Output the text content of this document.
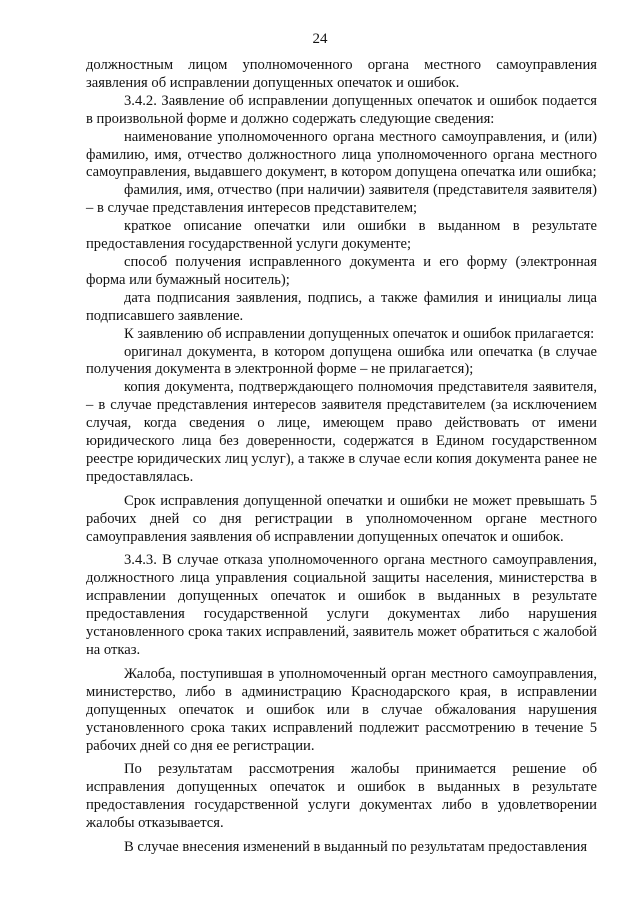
24

должностным лицом уполномоченного органа местного самоуправления заявления об исправлении допущенных опечаток и ошибок.

3.4.2. Заявление об исправлении допущенных опечаток и ошибок подается в произвольной форме и должно содержать следующие сведения:

наименование уполномоченного органа местного самоуправления, и (или) фамилию, имя, отчество должностного лица уполномоченного органа местного самоуправления, выдавшего документ, в котором допущена опечатка или ошибка;

фамилия, имя, отчество (при наличии) заявителя (представителя заявителя) – в случае представления интересов представителем;

краткое описание опечатки или ошибки в выданном в результате предоставления государственной услуги документе;

способ получения исправленного документа и его форму (электронная форма или бумажный носитель);

дата подписания заявления, подпись, а также фамилия и инициалы лица подписавшего заявление.

К заявлению об исправлении допущенных опечаток и ошибок прилагается:

оригинал документа, в котором допущена ошибка или опечатка (в случае получения документа в электронной форме – не прилагается);

копия документа, подтверждающего полномочия представителя заявителя, – в случае представления интересов заявителя представителем (за исключением случая, когда сведения о лице, имеющем право действовать от имени юридического лица без доверенности, содержатся в Едином государственном реестре юридических лиц услуг), а также в случае если копия документа ранее не предоставлялась.

Срок исправления допущенной опечатки и ошибки не может превышать 5 рабочих дней со дня регистрации в уполномоченном органе местного самоуправления заявления об исправлении допущенных опечаток и ошибок.

3.4.3. В случае отказа уполномоченного органа местного самоуправления, должностного лица управления социальной защиты населения, министерства в исправлении допущенных опечаток и ошибок в выданных в результате предоставления государственной услуги документах либо нарушения установленного срока таких исправлений, заявитель может обратиться с жалобой на отказ.

Жалоба, поступившая в уполномоченный орган местного самоуправления, министерство, либо в администрацию Краснодарского края, в исправлении допущенных опечаток и ошибок или в случае обжалования нарушения установленного срока таких исправлений подлежит рассмотрению в течение 5 рабочих дней со дня ее регистрации.

По результатам рассмотрения жалобы принимается решение об исправления допущенных опечаток и ошибок в выданных в результате предоставления государственной услуги документах либо в удовлетворении жалобы отказывается.

В случае внесения изменений в выданный по результатам предоставления
